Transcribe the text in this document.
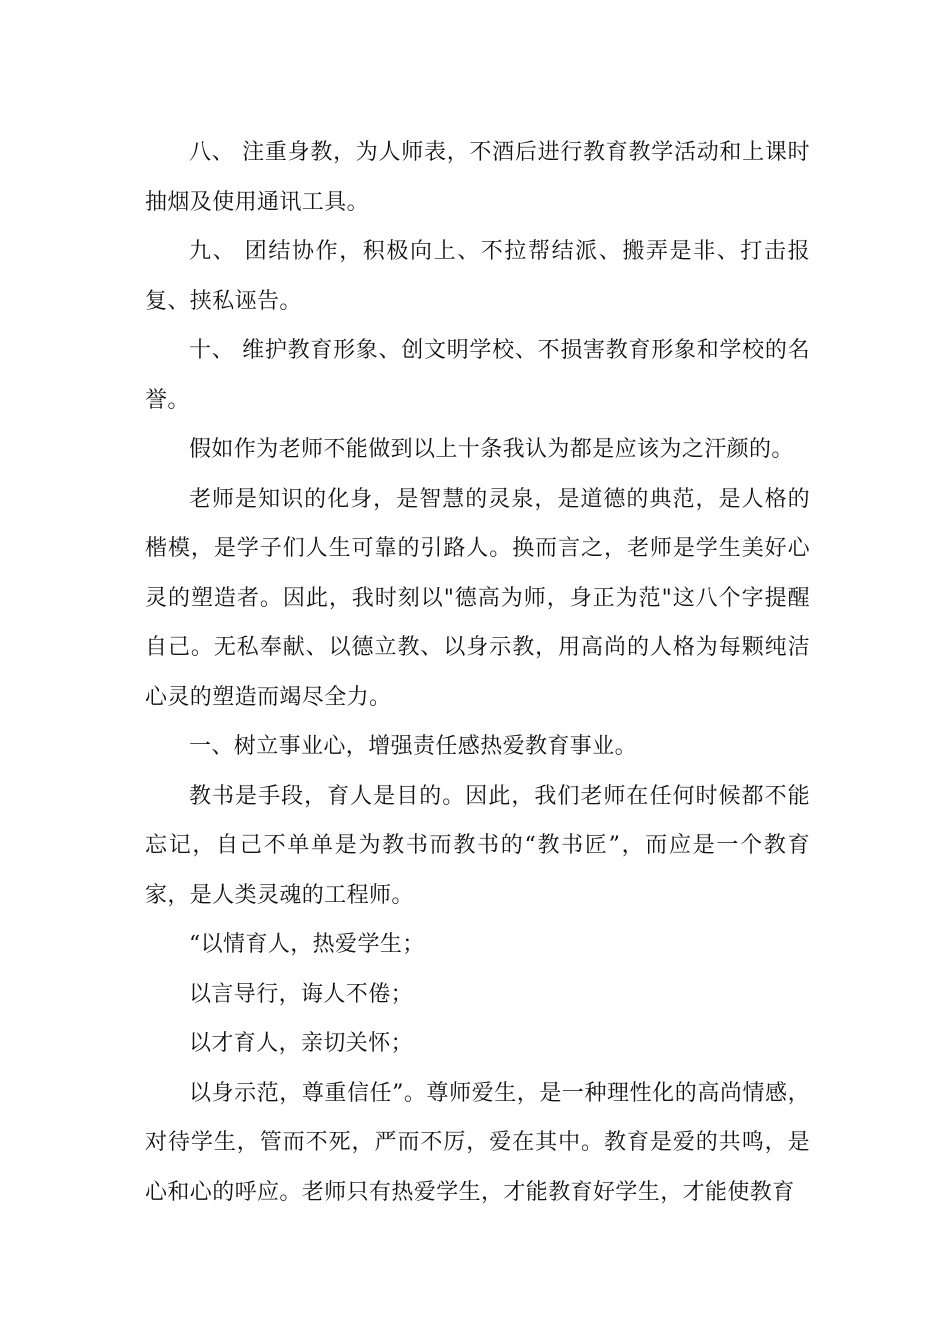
八、 注重身教，为人师表，不酒后进行教育教学活动和上课时抽烟及使用通讯工具。

九、 团结协作，积极向上、不拉帮结派、搬弄是非、打击报复、挟私诬告。

十、 维护教育形象、创文明学校、不损害教育形象和学校的名誉。

假如作为老师不能做到以上十条我认为都是应该为之汗颜的。

老师是知识的化身，是智慧的灵泉，是道德的典范，是人格的楷模，是学子们人生可靠的引路人。换而言之，老师是学生美好心灵的塑造者。因此，我时刻以"德高为师，身正为范"这八个字提醒自己。无私奉献、以德立教、以身示教，用高尚的人格为每颗纯洁心灵的塑造而竭尽全力。

一、树立事业心，增强责任感热爱教育事业。

教书是手段，育人是目的。因此，我们老师在任何时候都不能忘记，自己不单单是为教书而教书的“教书匠”，而应是一个教育家，是人类灵魂的工程师。

“以情育人，热爱学生；

以言导行，诲人不倦；

以才育人，亲切关怀；

以身示范，尊重信任”。尊师爱生，是一种理性化的高尚情感，对待学生，管而不死，严而不厉，爱在其中。教育是爱的共鸣，是心和心的呼应。老师只有热爱学生，才能教育好学生，才能使教育
